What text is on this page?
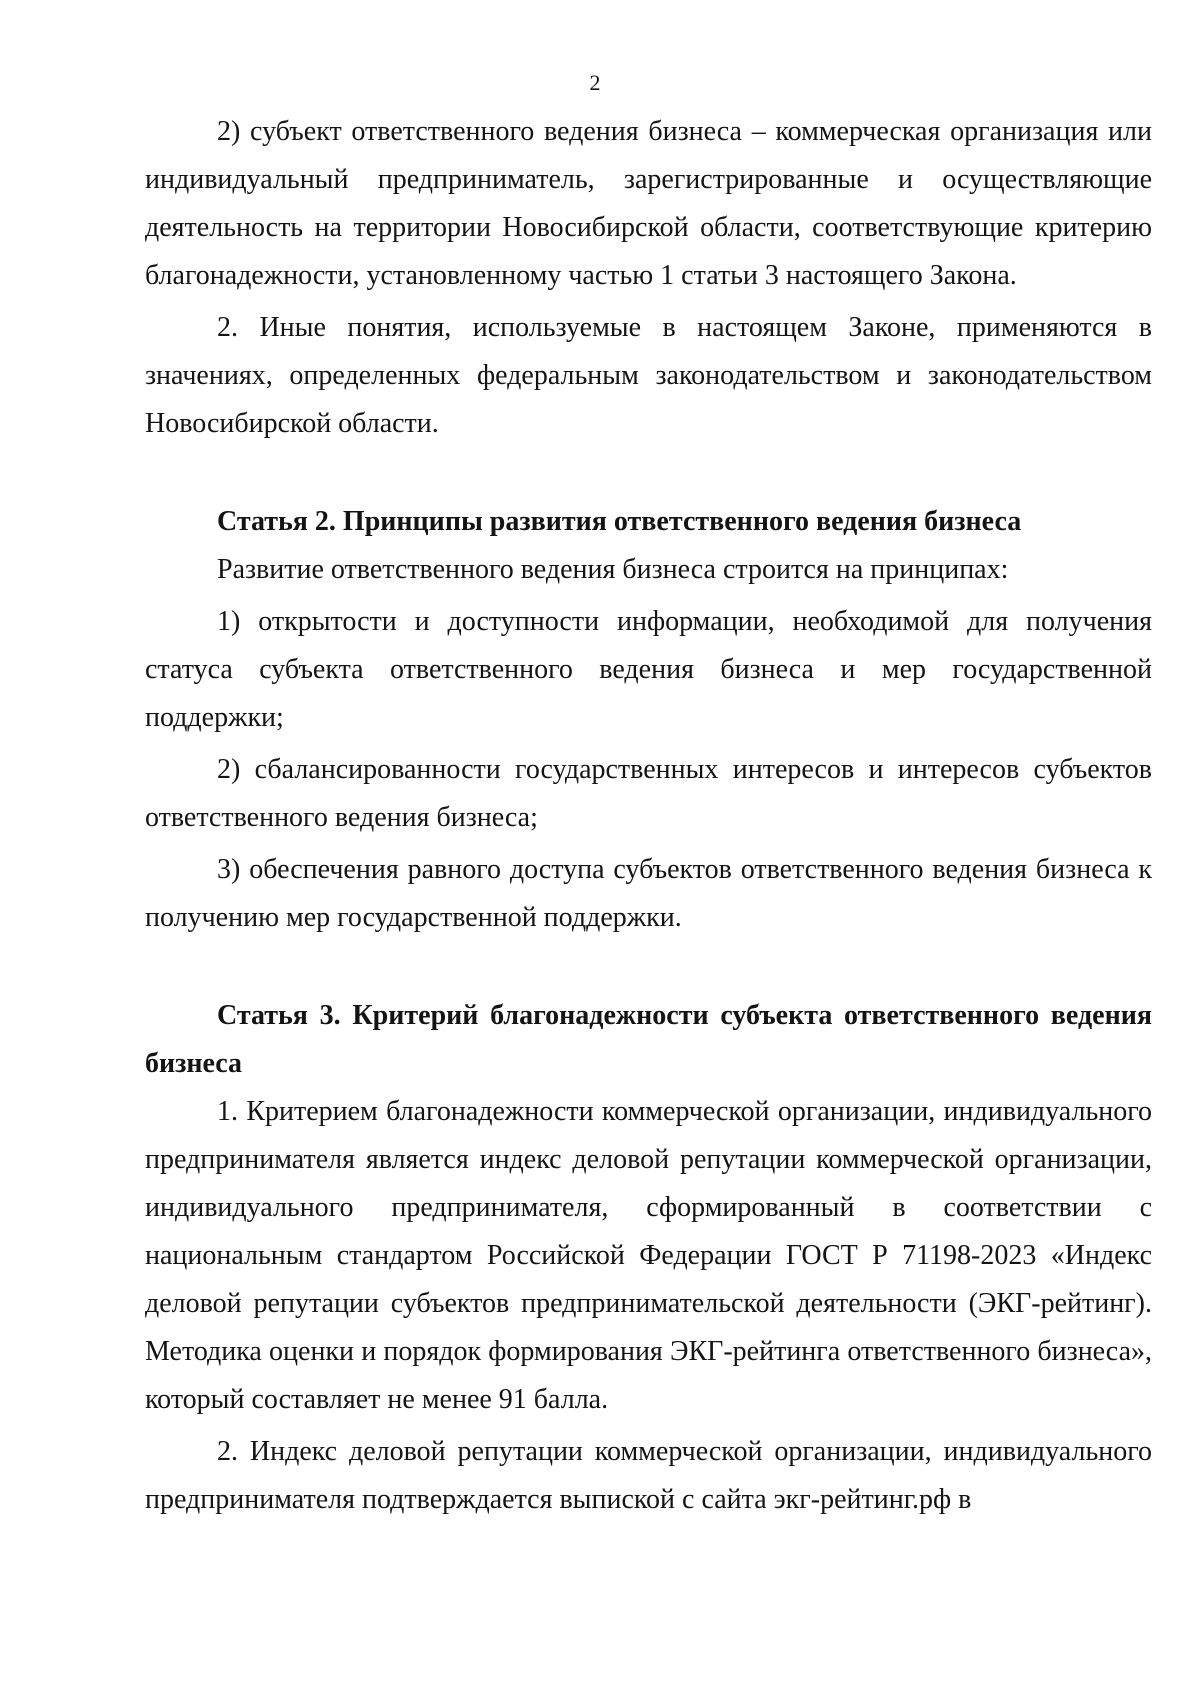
2

2) субъект ответственного ведения бизнеса – коммерческая организация или индивидуальный предприниматель, зарегистрированные и осуществляющие деятельность на территории Новосибирской области, соответствующие критерию благонадежности, установленному частью 1 статьи 3 настоящего Закона.

2. Иные понятия, используемые в настоящем Законе, применяются в значениях, определенных федеральным законодательством и законодательством Новосибирской области.

Статья 2. Принципы развития ответственного ведения бизнеса

Развитие ответственного ведения бизнеса строится на принципах:

1) открытости и доступности информации, необходимой для получения статуса субъекта ответственного ведения бизнеса и мер государственной поддержки;

2) сбалансированности государственных интересов и интересов субъектов ответственного ведения бизнеса;

3) обеспечения равного доступа субъектов ответственного ведения бизнеса к получению мер государственной поддержки.

Статья 3. Критерий благонадежности субъекта ответственного ведения бизнеса

1. Критерием благонадежности коммерческой организации, индивидуального предпринимателя является индекс деловой репутации коммерческой организации, индивидуального предпринимателя, сформированный в соответствии с национальным стандартом Российской Федерации ГОСТ Р 71198-2023 «Индекс деловой репутации субъектов предпринимательской деятельности (ЭКГ-рейтинг). Методика оценки и порядок формирования ЭКГ-рейтинга ответственного бизнеса», который составляет не менее 91 балла.

2. Индекс деловой репутации коммерческой организации, индивидуального предпринимателя подтверждается выпиской с сайта экг-рейтинг.рф в
